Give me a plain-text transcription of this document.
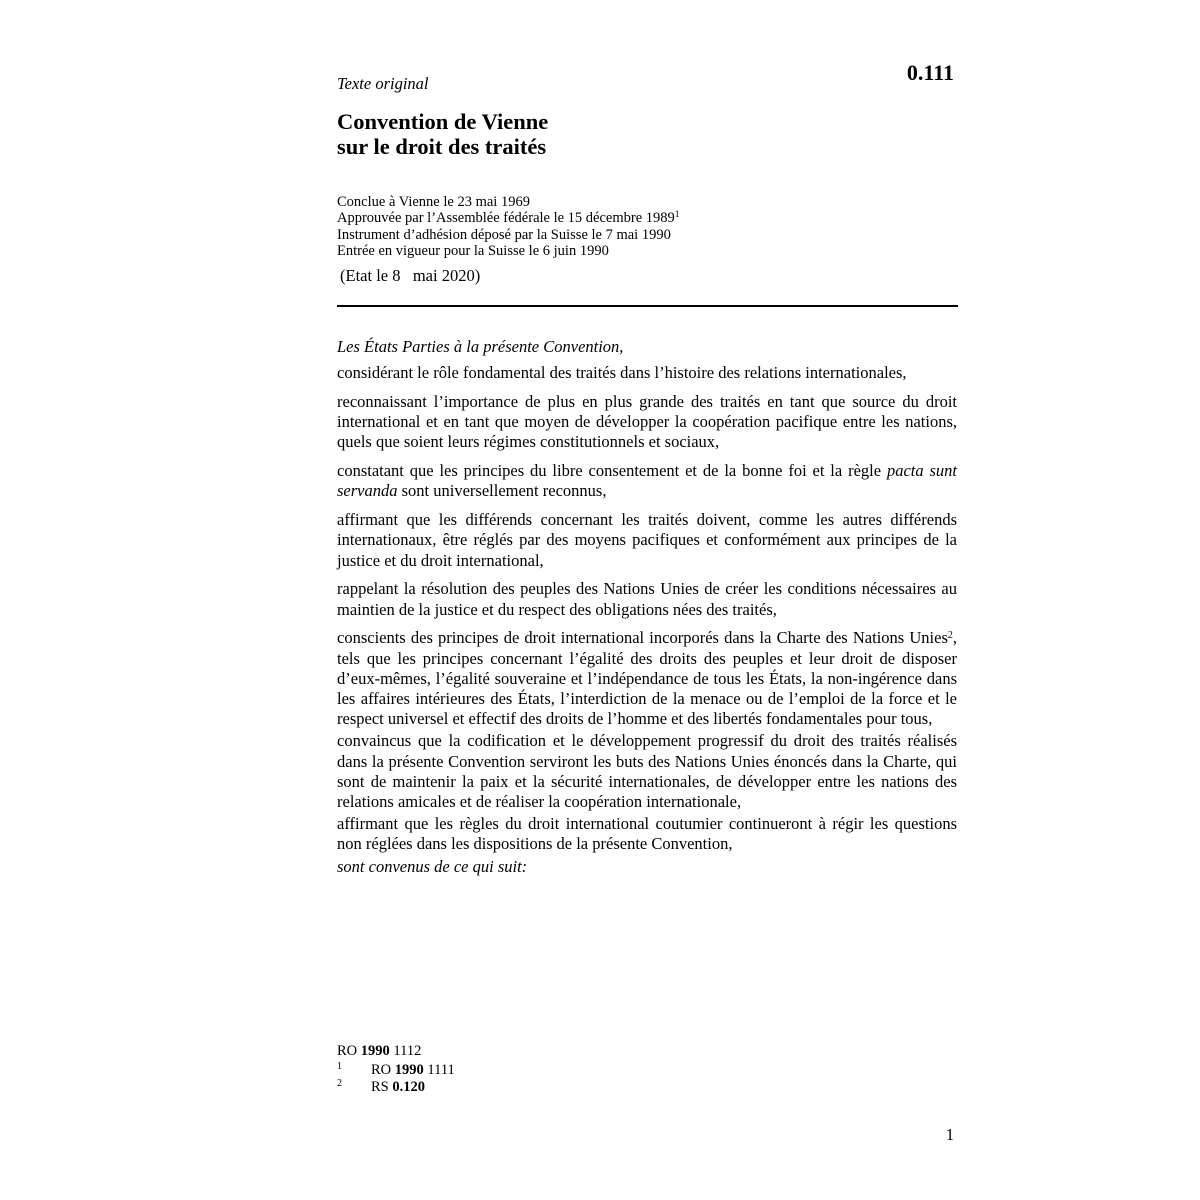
0.111
Texte original
Convention de Vienne
sur le droit des traités
Conclue à Vienne le 23 mai 1969
Approuvée par l’Assemblée fédérale le 15 décembre 1989$^1$
Instrument d’adhésion déposé par la Suisse le 7 mai 1990
Entrée en vigueur pour la Suisse le 6 juin 1990
(Etat le 8   mai 2020)

Les États Parties à la présente Convention,

considérant le rôle fondamental des traités dans l’histoire des relations internationales,

reconnaissant l’importance de plus en plus grande des traités en tant que source du droit international et en tant que moyen de développer la coopération pacifique entre les nations, quels que soient leurs régimes constitutionnels et sociaux,

constatant que les principes du libre consentement et de la bonne foi et la règle pacta sunt servanda sont universellement reconnus,

affirmant que les différends concernant les traités doivent, comme les autres différends internationaux, être réglés par des moyens pacifiques et conformément aux principes de la justice et du droit international,

rappelant la résolution des peuples des Nations Unies de créer les conditions nécessaires au maintien de la justice et du respect des obligations nées des traités,

conscients des principes de droit international incorporés dans la Charte des Nations Unies$^2$, tels que les principes concernant l’égalité des droits des peuples et leur droit de disposer d’eux-mêmes, l’égalité souveraine et l’indépendance de tous les États, la non-ingérence dans les affaires intérieures des États, l’interdiction de la menace ou de l’emploi de la force et le respect universel et effectif des droits de l’homme et des libertés fondamentales pour tous,

convaincus que la codification et le développement progressif du droit des traités réalisés dans la présente Convention serviront les buts des Nations Unies énoncés dans la Charte, qui sont de maintenir la paix et la sécurité internationales, de développer entre les nations des relations amicales et de réaliser la coopération internationale,

affirmant que les règles du droit international coutumier continueront à régir les questions non réglées dans les dispositions de la présente Convention,

sont convenus de ce qui suit:

RO 1990 1112
1 RO 1990 1111
2 RS 0.120
1
